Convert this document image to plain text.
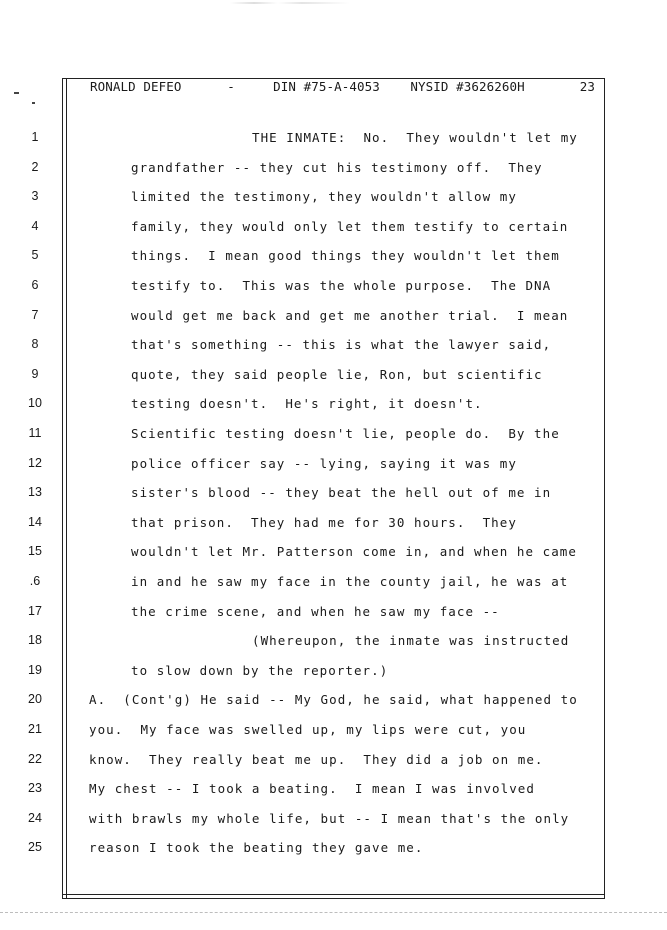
RONALD DEFEO	-	DIN #75-A-4053 NYSID #3626260H	23
1	THE INMATE:  No.  They wouldn't let my
2	grandfather -- they cut his testimony off.  They
3	limited the testimony, they wouldn't allow my
4	family, they would only let them testify to certain
5	things.  I mean good things they wouldn't let them
6	testify to.  This was the whole purpose.  The DNA
7	would get me back and get me another trial.  I mean
8	that's something -- this is what the lawyer said,
9	quote, they said people lie, Ron, but scientific
10	testing doesn't.  He's right, it doesn't.
11	Scientific testing doesn't lie, people do.  By the
12	police officer say -- lying, saying it was my
13	sister's blood -- they beat the hell out of me in
14	that prison.  They had me for 30 hours.  They
15	wouldn't let Mr. Patterson come in, and when he came
.6	in and he saw my face in the county jail, he was at
17	the crime scene, and when he saw my face --
18	(Whereupon, the inmate was instructed
19	to slow down by the reporter.)
20	A.  (Cont'g) He said -- My God, he said, what happened to
21	you.  My face was swelled up, my lips were cut, you
22	know.  They really beat me up.  They did a job on me.
23	My chest -- I took a beating.  I mean I was involved
24	with brawls my whole life, but -- I mean that's the only
25	reason I took the beating they gave me.
